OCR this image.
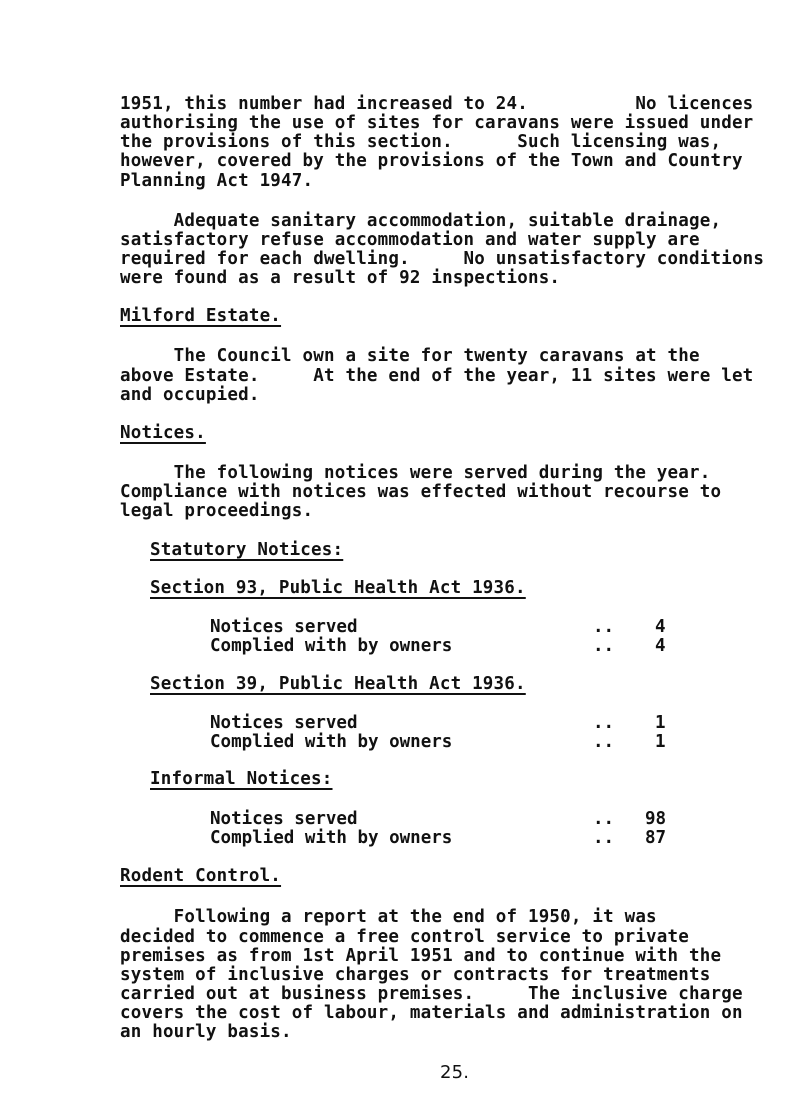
1951, this number had increased to 24.          No licences
authorising the use of sites for caravans were issued under
the provisions of this section.      Such licensing was,
however, covered by the provisions of the Town and Country
Planning Act 1947.
Adequate sanitary accommodation, suitable drainage,
satisfactory refuse accommodation and water supply are
required for each dwelling.     No unsatisfactory conditions
were found as a result of 92 inspections.
Milford Estate.
The Council own a site for twenty caravans at the
above Estate.     At the end of the year, 11 sites were let
and occupied.
Notices.
The following notices were served during the year.
Compliance with notices was effected without recourse to
legal proceedings.
Statutory Notices:
Section 93, Public Health Act 1936.
Notices served	.. 4
Complied with by owners	.. 4
Section 39, Public Health Act 1936.
Notices served	.. 1
Complied with by owners	.. 1
Informal Notices:
Notices served	.. 98
Complied with by owners	.. 87
Rodent Control.
Following a report at the end of 1950, it was
decided to commence a free control service to private
premises as from 1st April 1951 and to continue with the
system of inclusive charges or contracts for treatments
carried out at business premises.     The inclusive charge
covers the cost of labour, materials and administration on
an hourly basis.
25.
